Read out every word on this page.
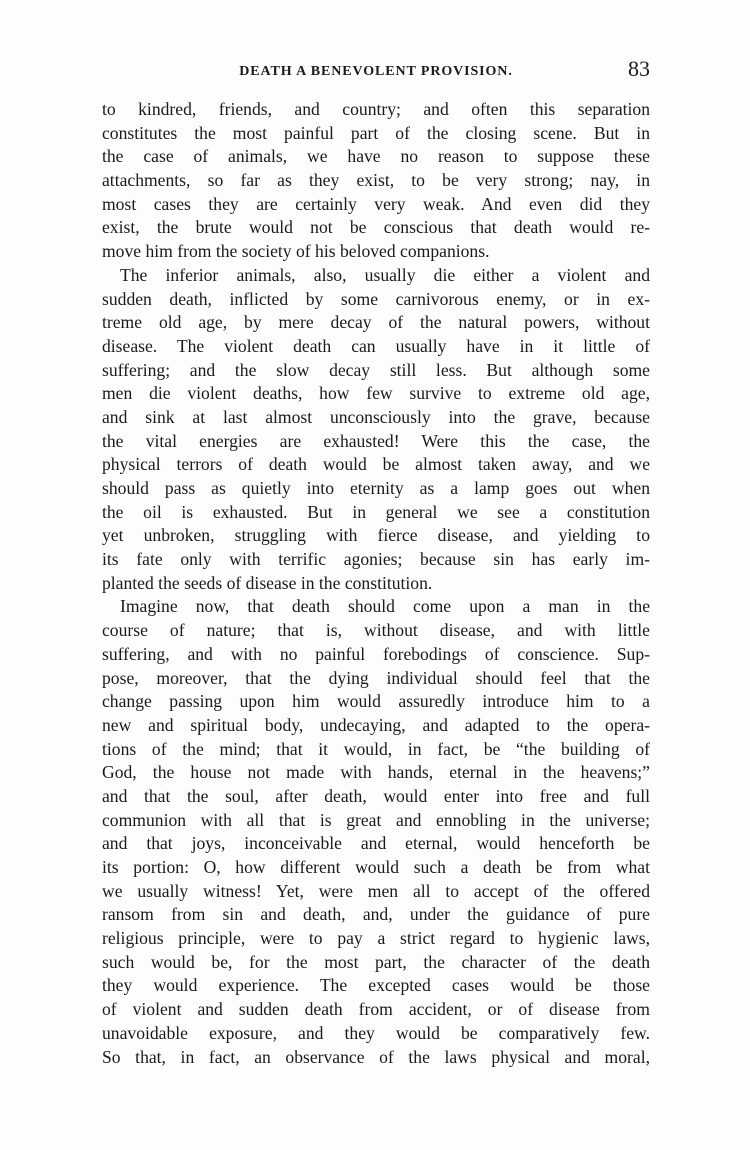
DEATH A BENEVOLENT PROVISION.	83
to kindred, friends, and country; and often this separation
constitutes the most painful part of the closing scene. But in
the case of animals, we have no reason to suppose these
attachments, so far as they exist, to be very strong; nay, in
most cases they are certainly very weak. And even did they
exist, the brute would not be conscious that death would re-
move him from the society of his beloved companions.
The inferior animals, also, usually die either a violent and
sudden death, inflicted by some carnivorous enemy, or in ex-
treme old age, by mere decay of the natural powers, without
disease. The violent death can usually have in it little of
suffering; and the slow decay still less. But although some
men die violent deaths, how few survive to extreme old age,
and sink at last almost unconsciously into the grave, because
the vital energies are exhausted! Were this the case, the
physical terrors of death would be almost taken away, and we
should pass as quietly into eternity as a lamp goes out when
the oil is exhausted. But in general we see a constitution
yet unbroken, struggling with fierce disease, and yielding to
its fate only with terrific agonies; because sin has early im-
planted the seeds of disease in the constitution.
Imagine now, that death should come upon a man in the
course of nature; that is, without disease, and with little
suffering, and with no painful forebodings of conscience. Sup-
pose, moreover, that the dying individual should feel that the
change passing upon him would assuredly introduce him to a
new and spiritual body, undecaying, and adapted to the opera-
tions of the mind; that it would, in fact, be “the building of
God, the house not made with hands, eternal in the heavens;”
and that the soul, after death, would enter into free and full
communion with all that is great and ennobling in the universe;
and that joys, inconceivable and eternal, would henceforth be
its portion: O, how different would such a death be from what
we usually witness! Yet, were men all to accept of the offered
ransom from sin and death, and, under the guidance of pure
religious principle, were to pay a strict regard to hygienic laws,
such would be, for the most part, the character of the death
they would experience. The excepted cases would be those
of violent and sudden death from accident, or of disease from
unavoidable exposure, and they would be comparatively few.
So that, in fact, an observance of the laws physical and moral,
